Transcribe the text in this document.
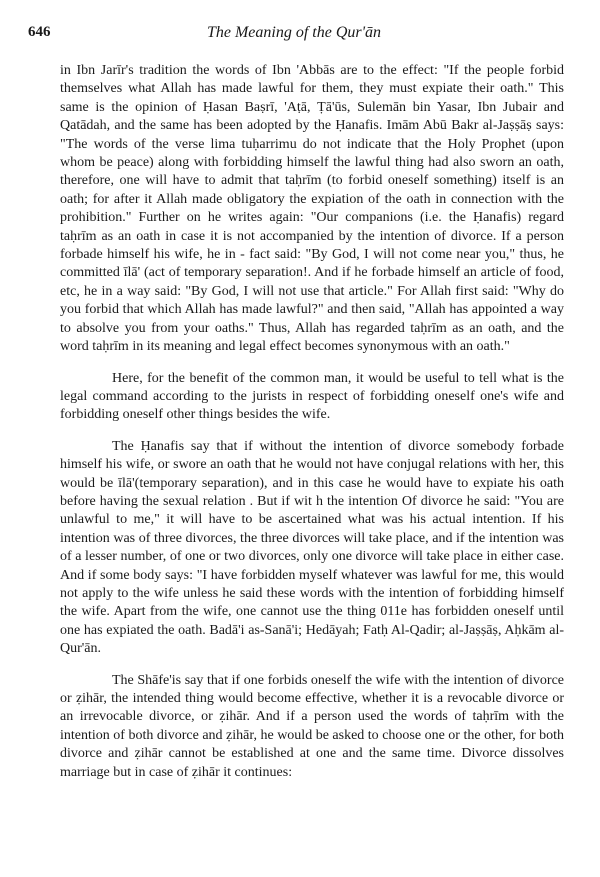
646	The Meaning of the Qur'ān

in Ibn Jarīr's tradition the words of Ibn 'Abbās are to the effect: "If the people forbid themselves what Allah has made lawful for them, they must expiate their oath." This same is the opinion of Ḥasan Baṣrī, 'Aṭā, Ṭā'ūs, Sulemān bin Yasar, Ibn Jubair and Qatādah, and the same has been adopted by the Ḥanafis. Imām Abū Bakr al-Jaṣṣāṣ says: "The words of the verse lima tuḥarrimu do not indicate that the Holy Prophet (upon whom be peace) along with forbidding himself the lawful thing had also sworn an oath, therefore, one will have to admit that taḥrīm (to forbid oneself something) itself is an oath; for after it Allah made obligatory the expiation of the oath in connection with the prohibition." Further on he writes again: "Our companions (i.e. the Ḥanafis) regard taḥrīm as an oath in case it is not accompanied by the intention of divorce. If a person forbade himself his wife, he in - fact said: "By God, I will not come near you," thus, he committed īlā' (act of temporary separation!. And if he forbade himself an article of food, etc, he in a way said: "By God, I will not use that article." For Allah first said: "Why do you forbid that which Allah has made lawful?" and then said, "Allah has appointed a way to absolve you from your oaths." Thus, Allah has regarded taḥrīm as an oath, and the word taḥrīm in its meaning and legal effect becomes synonymous with an oath."

Here, for the benefit of the common man, it would be useful to tell what is the legal command according to the jurists in respect of forbidding oneself one's wife and forbidding oneself other things besides the wife.

The Ḥanafis say that if without the intention of divorce somebody forbade himself his wife, or swore an oath that he would not have conjugal relations with her, this would be īlā'(temporary separation), and in this case he would have to expiate his oath before having the sexual relation . But if wit h the intention Of divorce he said: "You are unlawful to me," it will have to be ascertained what was his actual intention. If his intention was of three divorces, the three divorces will take place, and if the intention was of a lesser number, of one or two divorces, only one divorce will take place in either case. And if some body says: "I have forbidden myself whatever was lawful for me, this would not apply to the wife unless he said these words with the intention of forbidding himself the wife. Apart from the wife, one cannot use the thing 011e has forbidden oneself until one has expiated the oath. Badā'i as-Sanā'i; Hedāyah; Fatḥ Al-Qadir; al-Jaṣṣāṣ, Aḥkām al-Qur'ān.

The Shāfe'is say that if one forbids oneself the wife with the intention of divorce or ẓihār, the intended thing would become effective, whether it is a revocable divorce or an irrevocable divorce, or ẓihār. And if a person used the words of taḥrīm with the intention of both divorce and ẓihār, he would be asked to choose one or the other, for both divorce and ẓihār cannot be established at one and the same time. Divorce dissolves marriage but in case of ẓihār it continues:
